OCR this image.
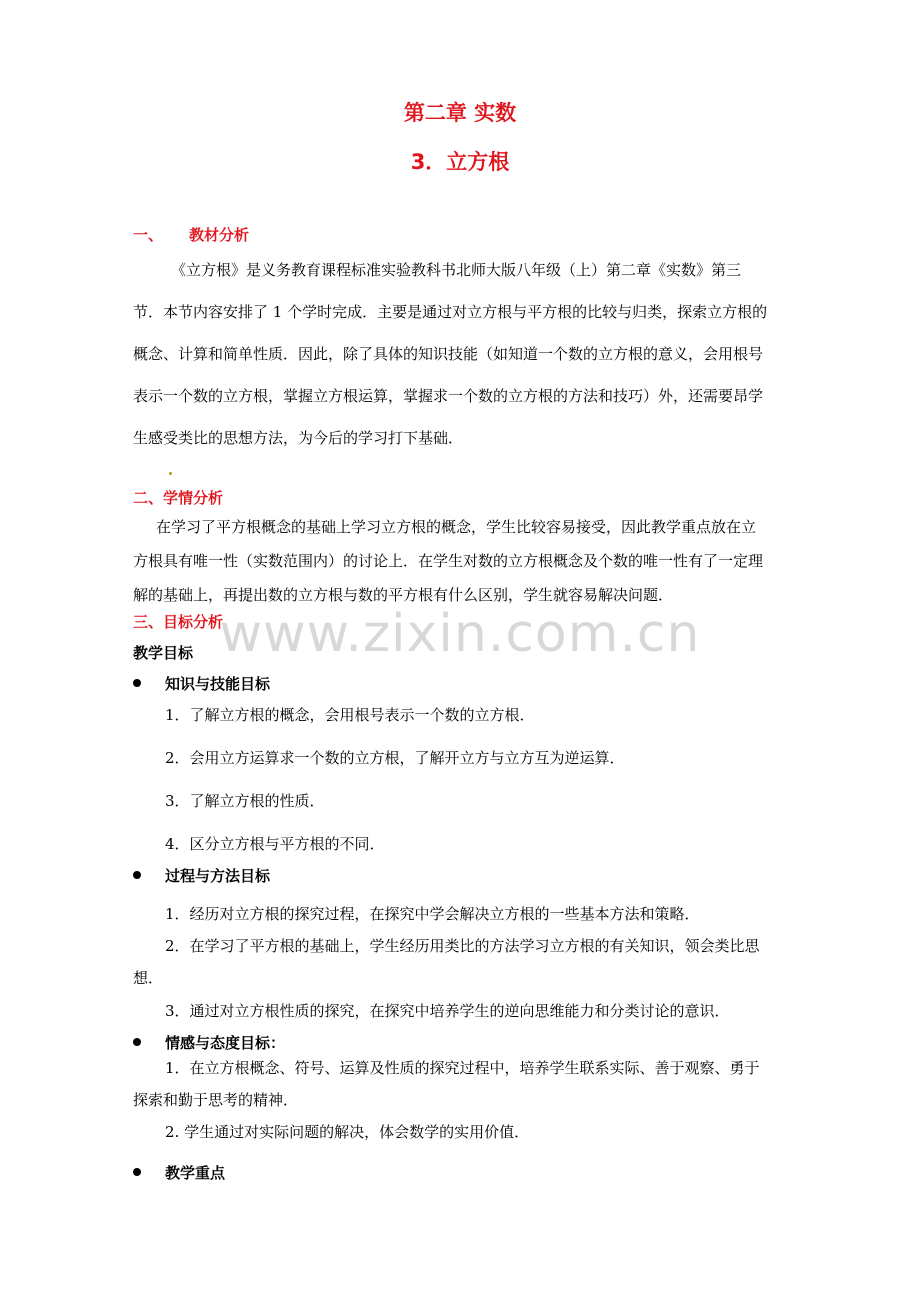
第二章 实数
3．立方根
一、 教材分析
《立方根》是义务教育课程标准实验教科书北师大版八年级（上）第二章《实数》第三
节．本节内容安排了 1 个学时完成．主要是通过对立方根与平方根的比较与归类，探索立方根的
概念、计算和简单性质．因此，除了具体的知识技能（如知道一个数的立方根的意义，会用根号
表示一个数的立方根，掌握立方根运算，掌握求一个数的立方根的方法和技巧）外，还需要昂学
生感受类比的思想方法，为今后的学习打下基础．
二、学情分析
在学习了平方根概念的基础上学习立方根的概念，学生比较容易接受，因此教学重点放在立
方根具有唯一性（实数范围内）的讨论上．在学生对数的立方根概念及个数的唯一性有了一定理
解的基础上，再提出数的立方根与数的平方根有什么区别，学生就容易解决问题．
www.zixin.com.cn
三、目标分析
教学目标
知识与技能目标
1．了解立方根的概念，会用根号表示一个数的立方根．
2．会用立方运算求一个数的立方根，了解开立方与立方互为逆运算．
3．了解立方根的性质．
4．区分立方根与平方根的不同．
过程与方法目标
1．经历对立方根的探究过程，在探究中学会解决立方根的一些基本方法和策略．
2．在学习了平方根的基础上，学生经历用类比的方法学习立方根的有关知识，领会类比思
想．
3．通过对立方根性质的探究，在探究中培养学生的逆向思维能力和分类讨论的意识．
情感与态度目标：
1．在立方根概念、符号、运算及性质的探究过程中，培养学生联系实际、善于观察、勇于
探索和勤于思考的精神．
2. 学生通过对实际问题的解决，体会数学的实用价值．
教学重点
